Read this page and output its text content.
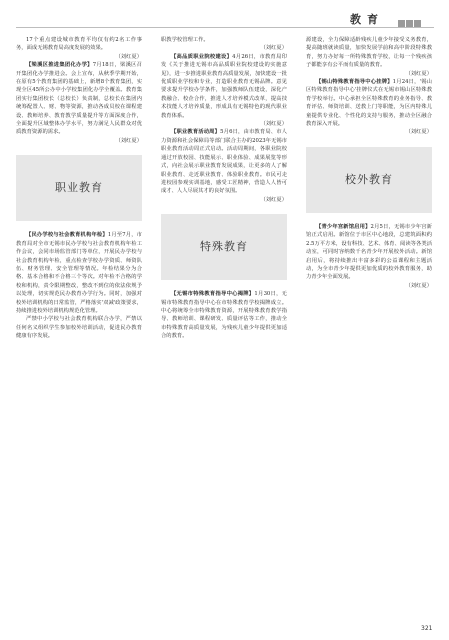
教育

17个重点建设城市教育平均仅有约2名工作事务，面成无锡教育局高度发展的效果。

（刘红夏）

【梁溪区推进集团化办学】7月18日，梁溪区召开集团化办学推进会。会上宣布，从秋季学期开始，在原有5个教育集团的基础上，新增8个教育集团，实现全区45所公办中小学校集团化办学全覆盖。教育集团实行集团校长（总校长）负责制，总校长在集团内统筹配置人、财、物等资源，推动各成员校在课程建设、教师培养、教育教学质量提升等方面深度合作，全面提升区域整体办学水平，努力满足人民群众对优质教育资源的需求。

（刘红夏）

职业教育

【民办学校与社会教育机构年检】1月至7月，市教育局对全市无锡市民办学校与社会教育机构年检工作会议，会同市场监管部门等单位，开展民办学校与社会教育机构年检，重点检查学校办学资质、师资队伍、财务管理、安全管理等情况。年检结果分为合格、基本合格和不合格三个等次。对年检不合格的学校和机构，责令限期整改，整改不到位的依法依规予以处理，切实规范民办教育办学行为。同时，加强对校外培训机构的日常监管，严格落实'双减'政策要求，持续推进校外培训机构规范化管理。

严禁中小学校与社会教育机构联合办学，严禁以任何名义组织学生参加校外培训活动，促进民办教育健康有序发展。

职教学校管理工作。

（刘红夏）

【高品质职业院校建设】4月26日，市教育局印发《关于推进无锡市高品质职业院校建设的实施意见》，进一步推进职业教育高质量发展，加快建设一批优质职业学校和专业，打造职业教育无锡品牌。意见要求提升学校办学条件，加强教师队伍建设，深化产教融合、校企合作，推进人才培养模式改革，提高技术技能人才培养质量，形成具有无锡特色的现代职业教育体系。

（刘红夏）

【职业教育活动周】5月6日，由市教育局、市人力资源和社会保障局等部门联合主办的2023年无锡市职业教育活动周正式启动。活动周期间，各职业院校通过开放校园、技能展示、职业体验、成果展览等形式，向社会展示职业教育发展成果，让更多的人了解职业教育、走近职业教育、体验职业教育。市民可走进校园参观实训基地，感受工匠精神，营造人人皆可成才、人人尽展其才的良好氛围。

（刘红夏）

特殊教育

【无锡市特殊教育指导中心揭牌】1月30日，无锡市特殊教育指导中心在市特殊教育学校揭牌成立。中心将统筹全市特殊教育资源，开展特殊教育教学指导、教师培训、课程研发、质量评估等工作，推动全市特殊教育高质量发展，为残疾儿童少年提供更加适合的教育。

源建设，全力保障适龄残疾儿童少年接受义务教育，提高随班就读质量，加快发展学前和高中阶段特殊教育，努力办好每一所特殊教育学校，让每一个残疾孩子都能享有公平而有质量的教育。

（刘红夏）

【锡山特殊教育指导中心挂牌】1月24日，'锡山区特殊教育指导中心'挂牌仪式在无锡市锡山区特殊教育学校举行。中心承担全区特殊教育的业务指导、教育评估、师资培训、送教上门等职能，为区内特殊儿童提供专业化、个性化的支持与服务，推动全区融合教育深入开展。

（刘红夏）

校外教育

【青少年宫新馆启用】2月5日，无锡市少年宫新馆正式启用。新馆位于市区中心地段，总建筑面积约2.5万平方米，设有科技、艺术、体育、阅读等各类活动室，可同时容纳数千名青少年开展校外活动。新馆启用后，将持续推出丰富多彩的公益课程和主题活动，为全市青少年提供更加优质的校外教育服务，助力青少年全面发展。

（刘红夏）

321
